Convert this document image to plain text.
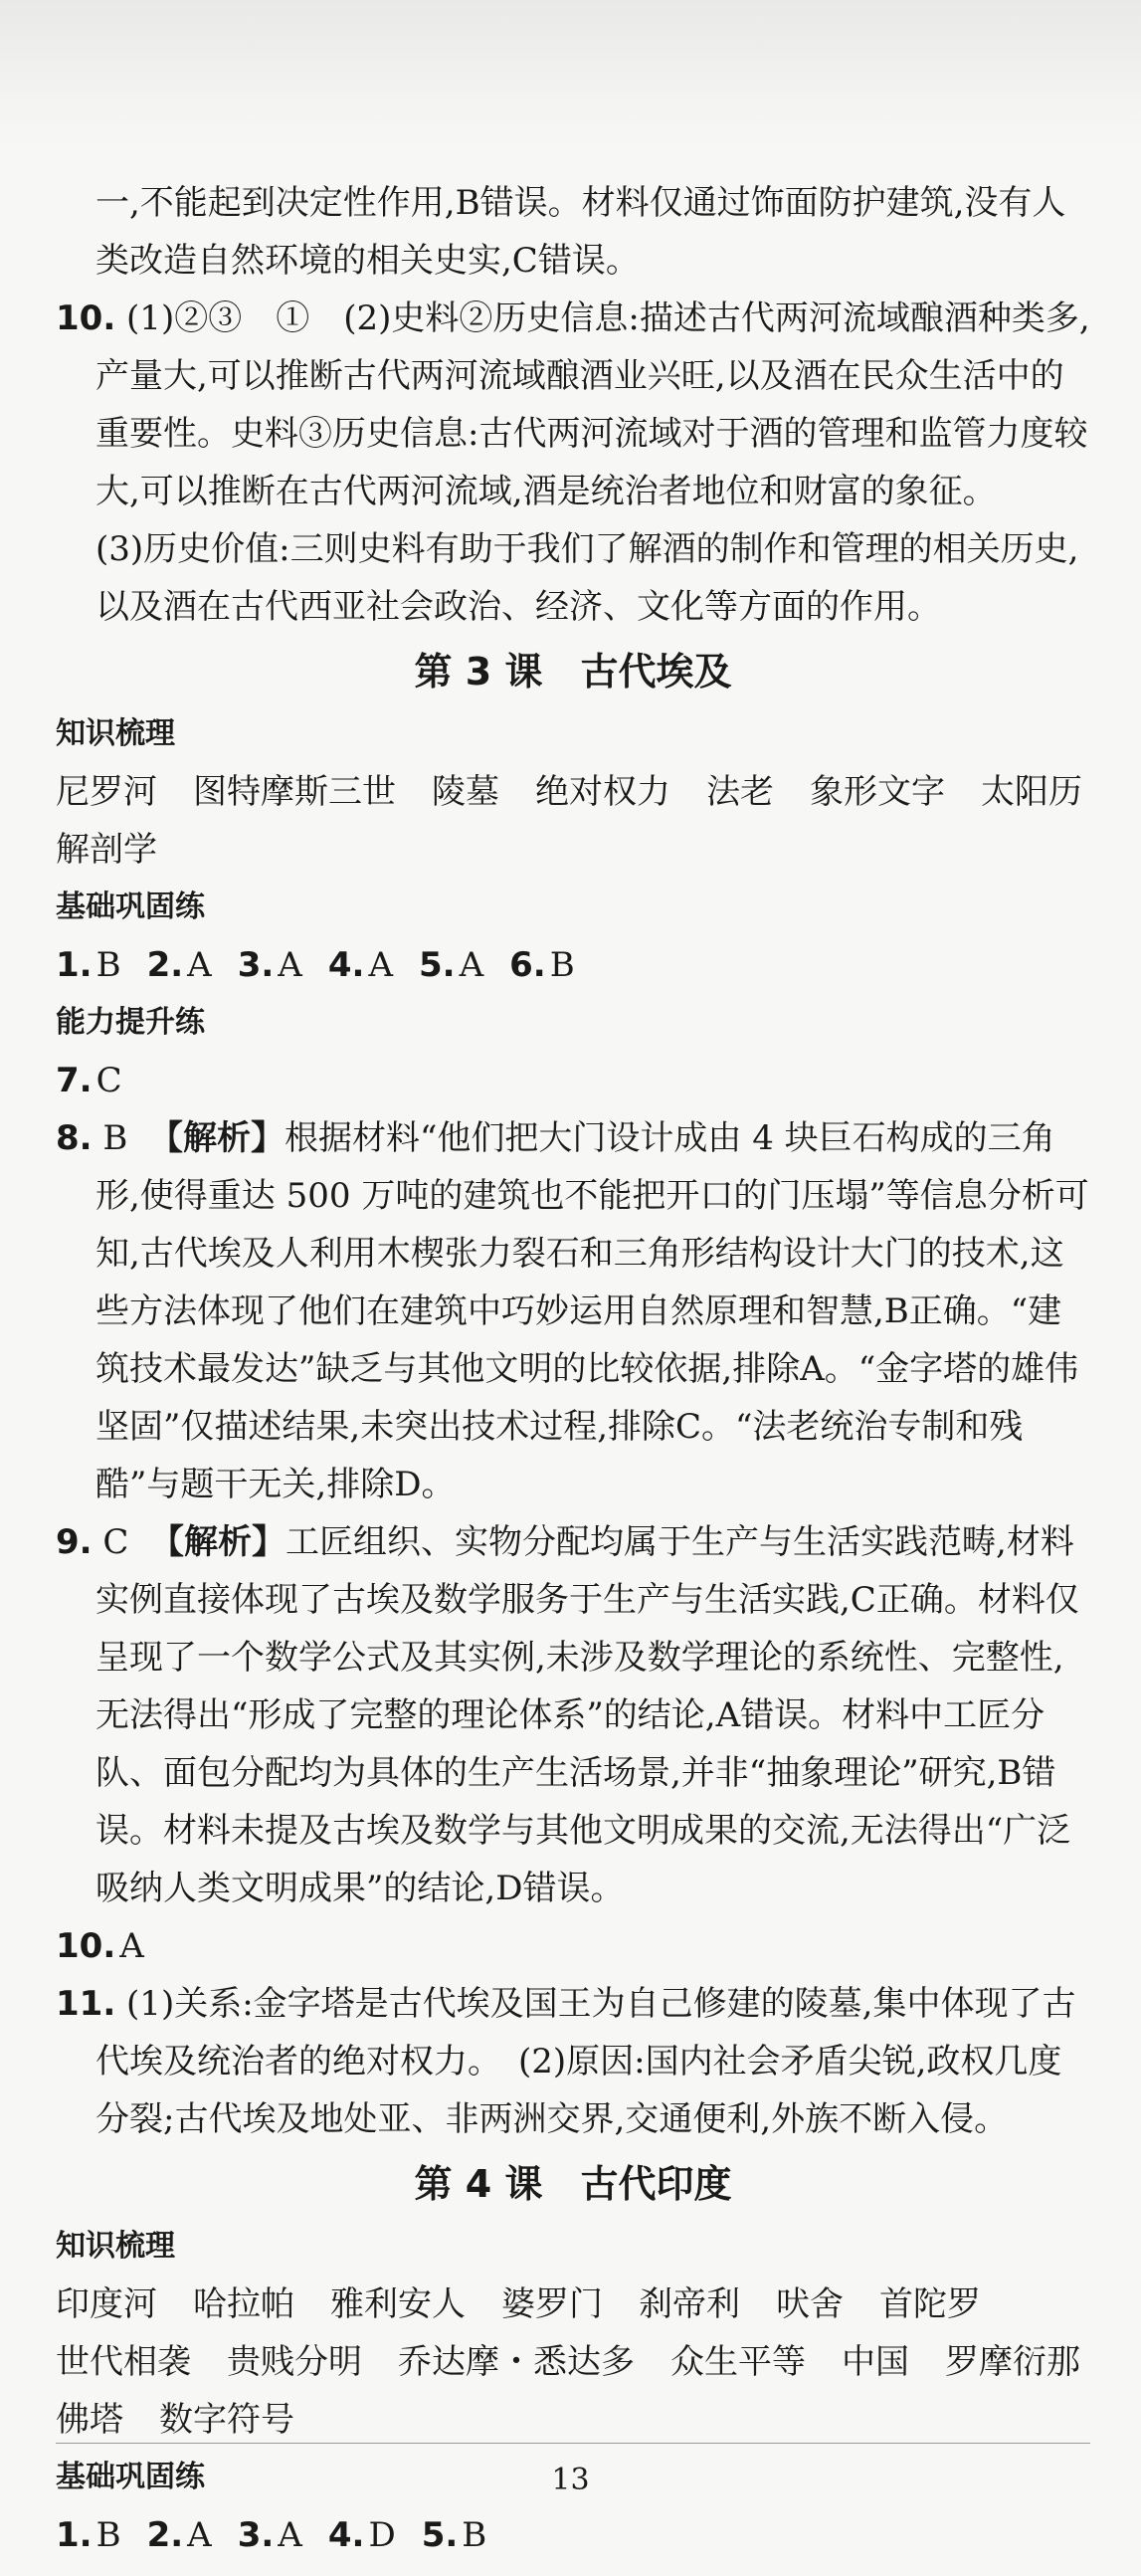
一,不能起到决定性作用,B错误。材料仅通过饰面防护建筑,没有人

类改造自然环境的相关史实,C错误。

10. (1)②③　①　(2)史料②历史信息:描述古代两河流域酿酒种类多,产量大,可以推断古代两河流域酿酒业兴旺,以及酒在民众生活中的重要性。史料③历史信息:古代两河流域对于酒的管理和监管力度较大,可以推断在古代两河流域,酒是统治者地位和财富的象征。

(3)历史价值:三则史料有助于我们了解酒的制作和管理的相关历史,以及酒在古代西亚社会政治、经济、文化等方面的作用。

第 3 课　古代埃及

知识梳理

尼罗河 图特摩斯三世 陵墓 绝对权力 法老 象形文字 太阳历
解剖学

基础巩固练

1. B 2. A 3. A 4. A 5. A 6. B

能力提升练

7. C

8. B 【解析】根据材料“他们把大门设计成由 4 块巨石构成的三角形,使得重达 500 万吨的建筑也不能把开口的门压塌”等信息分析可知,古代埃及人利用木楔张力裂石和三角形结构设计大门的技术,这些方法体现了他们在建筑中巧妙运用自然原理和智慧,B正确。“建筑技术最发达”缺乏与其他文明的比较依据,排除A。“金字塔的雄伟坚固”仅描述结果,未突出技术过程,排除C。“法老统治专制和残酷”与题干无关,排除D。

9. C 【解析】工匠组织、实物分配均属于生产与生活实践范畴,材料实例直接体现了古埃及数学服务于生产与生活实践,C正确。材料仅呈现了一个数学公式及其实例,未涉及数学理论的系统性、完整性,无法得出“形成了完整的理论体系”的结论,A错误。材料中工匠分队、面包分配均为具体的生产生活场景,并非“抽象理论”研究,B错误。材料未提及古埃及数学与其他文明成果的交流,无法得出“广泛吸纳人类文明成果”的结论,D错误。

10. A

11. (1)关系:金字塔是古代埃及国王为自己修建的陵墓,集中体现了古代埃及统治者的绝对权力。　(2)原因:国内社会矛盾尖锐,政权几度分裂;古代埃及地处亚、非两洲交界,交通便利,外族不断入侵。

第 4 课　古代印度

知识梳理

印度河 哈拉帕 雅利安人 婆罗门 刹帝利 吠舍 首陀罗
世代相袭 贵贱分明 乔达摩・悉达多 众生平等 中国 罗摩衍那
佛塔 数字符号

基础巩固练

1. B 2. A 3. A 4. D 5. B

13
